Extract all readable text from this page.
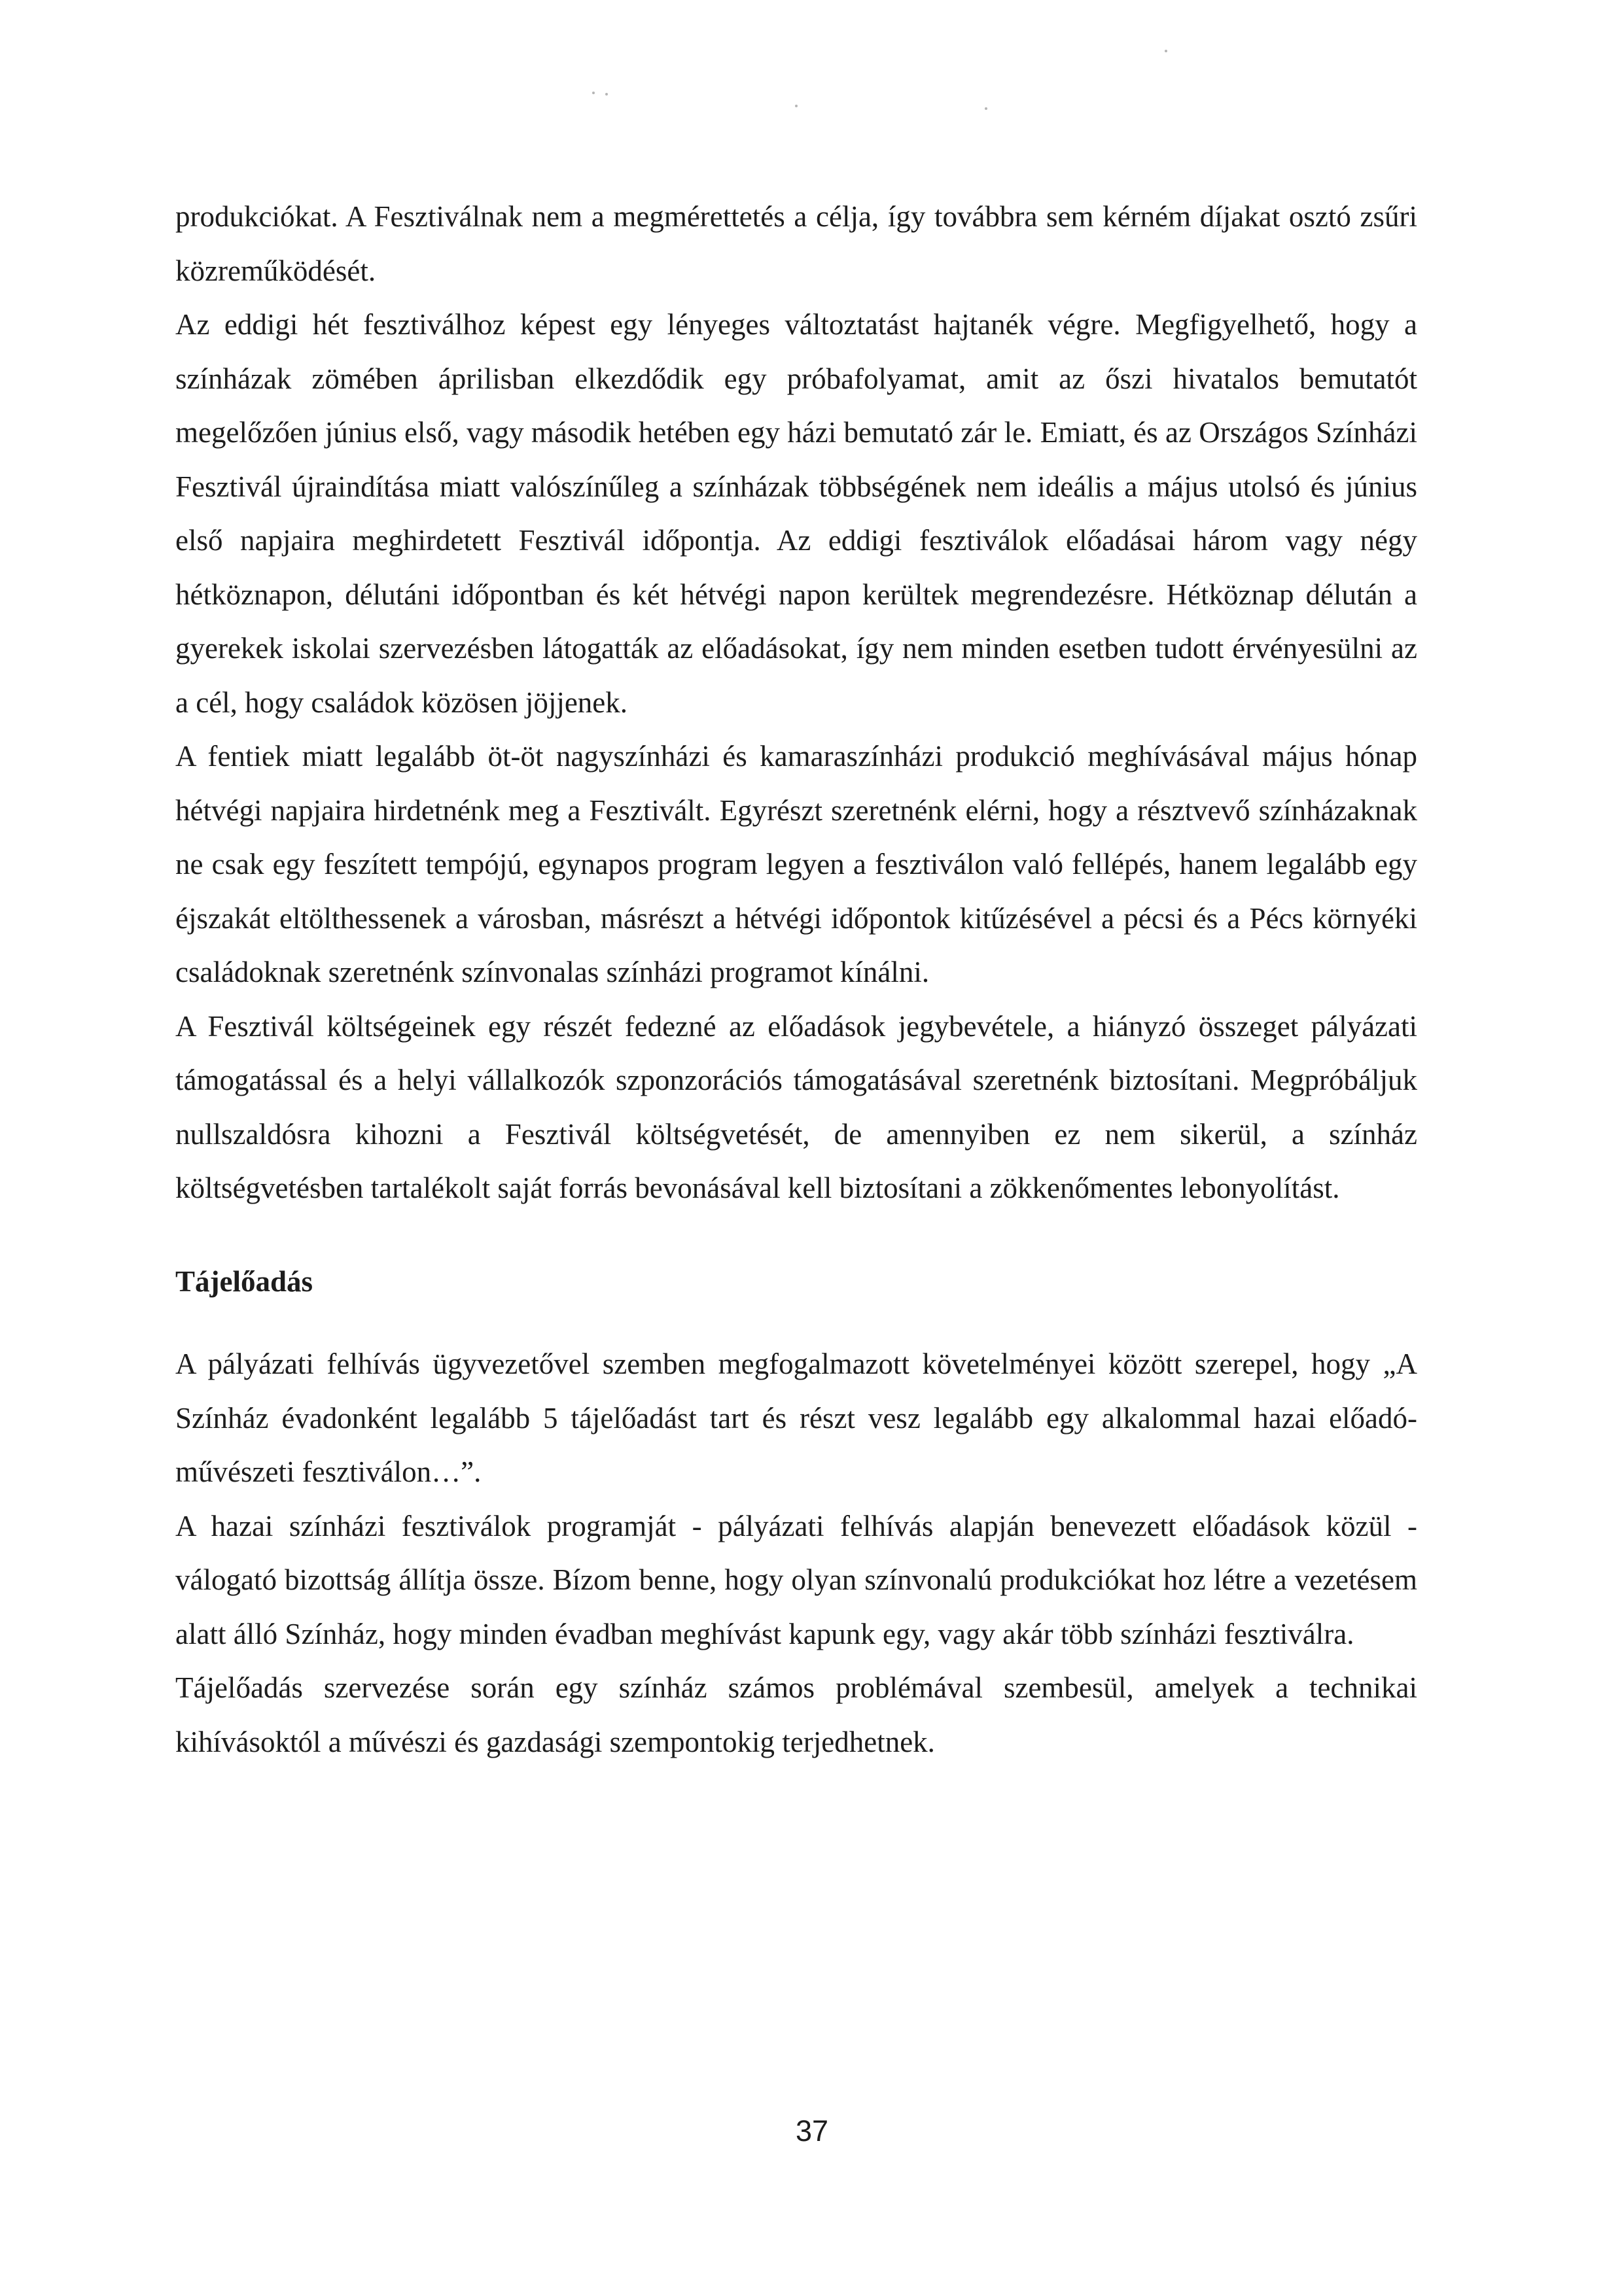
produkciókat. A Fesztiválnak nem a megmérettetés a célja, így továbbra sem kérném díjakat osztó zsűri közreműködését.

Az eddigi hét fesztiválhoz képest egy lényeges változtatást hajtanék végre. Megfigyelhető, hogy a színházak zömében áprilisban elkezdődik egy próbafolyamat, amit az őszi hivatalos bemutatót megelőzően június első, vagy második hetében egy házi bemutató zár le. Emiatt, és az Országos Színházi Fesztivál újraindítása miatt valószínűleg a színházak többségének nem ideális a május utolsó és június első napjaira meghirdetett Fesztivál időpontja. Az eddigi fesztiválok előadásai három vagy négy hétköznapon, délutáni időpontban és két hétvégi napon kerültek megrendezésre. Hétköznap délután a gyerekek iskolai szervezésben látogatták az előadásokat, így nem minden esetben tudott érvényesülni az a cél, hogy családok közösen jöjjenek.

A fentiek miatt legalább öt-öt nagyszínházi és kamaraszínházi produkció meghívásával május hónap hétvégi napjaira hirdetnénk meg a Fesztivált. Egyrészt szeretnénk elérni, hogy a résztvevő színházaknak ne csak egy feszített tempójú, egynapos program legyen a fesztiválon való fellépés, hanem legalább egy éjszakát eltölthessenek a városban, másrészt a hétvégi időpontok kitűzésével a pécsi és a Pécs környéki családoknak szeretnénk színvonalas színházi programot kínálni.

A Fesztivál költségeinek egy részét fedezné az előadások jegybevétele, a hiányzó összeget pályázati támogatással és a helyi vállalkozók szponzorációs támogatásával szeretnénk biztosítani. Megpróbáljuk nullszaldósra kihozni a Fesztivál költségvetését, de amennyiben ez nem sikerül, a színház költségvetésben tartalékolt saját forrás bevonásával kell biztosítani a zökkenőmentes lebonyolítást.

Tájelőadás

A pályázati felhívás ügyvezetővel szemben megfogalmazott követelményei között szerepel, hogy „A Színház évadonként legalább 5 tájelőadást tart és részt vesz legalább egy alkalommal hazai előadó-művészeti fesztiválon…”.

A hazai színházi fesztiválok programját - pályázati felhívás alapján benevezett előadások közül - válogató bizottság állítja össze. Bízom benne, hogy olyan színvonalú produkciókat hoz létre a vezetésem alatt álló Színház, hogy minden évadban meghívást kapunk egy, vagy akár több színházi fesztiválra.

Tájelőadás szervezése során egy színház számos problémával szembesül, amelyek a technikai kihívásoktól a művészi és gazdasági szempontokig terjedhetnek.

37
